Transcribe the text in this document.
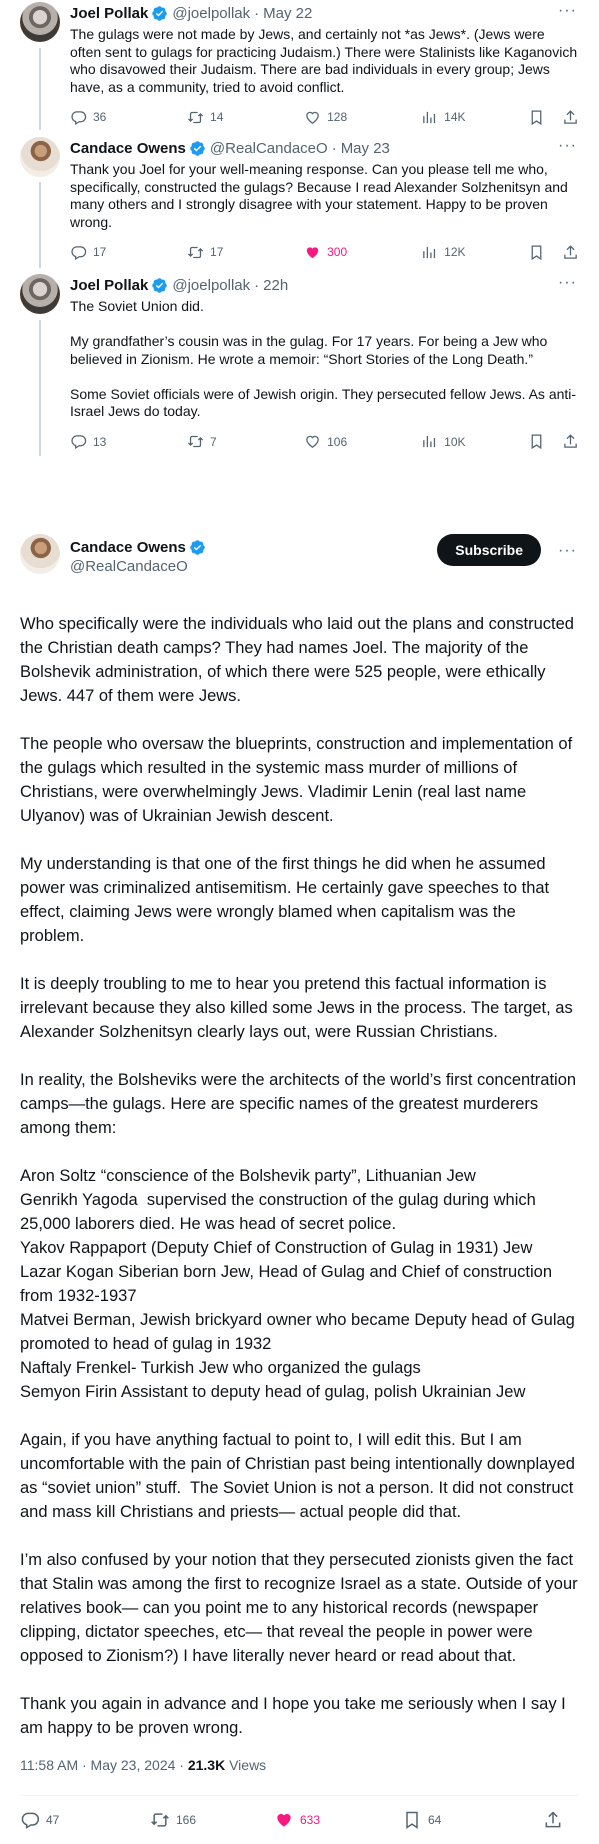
Joel Pollak @joelpollak · May 22	···
The gulags were not made by Jews, and certainly not *as Jews*. (Jews were often sent to gulags for practicing Judaism.) There were Stalinists like Kaganovich who disavowed their Judaism. There are bad individuals in every group; Jews have, as a community, tried to avoid conflict.
36	14	128	14K
Candace Owens @RealCandaceO · May 23	···
Thank you Joel for your well-meaning response. Can you please tell me who, specifically, constructed the gulags? Because I read Alexander Solzhenitsyn and many others and I strongly disagree with your statement. Happy to be proven wrong.
17	17	300	12K
Joel Pollak @joelpollak · 22h	···
The Soviet Union did.

My grandfather’s cousin was in the gulag. For 17 years. For being a Jew who believed in Zionism. He wrote a memoir: “Short Stories of the Long Death.”

Some Soviet officials were of Jewish origin. They persecuted fellow Jews. As anti-Israel Jews do today.
13	7	106	10K
Candace Owens
@RealCandaceO
Subscribe	···
Who specifically were the individuals who laid out the plans and constructed the Christian death camps? They had names Joel. The majority of the Bolshevik administration, of which there were 525 people, were ethically Jews. 447 of them were Jews.
The people who oversaw the blueprints, construction and implementation of the gulags which resulted in the systemic mass murder of millions of Christians, were overwhelmingly Jews. Vladimir Lenin (real last name Ulyanov) was of Ukrainian Jewish descent.
My understanding is that one of the first things he did when he assumed power was criminalized antisemitism. He certainly gave speeches to that effect, claiming Jews were wrongly blamed when capitalism was the problem.
It is deeply troubling to me to hear you pretend this factual information is irrelevant because they also killed some Jews in the process. The target, as Alexander Solzhenitsyn clearly lays out, were Russian Christians.
In reality, the Bolsheviks were the architects of the world’s first concentration camps—the gulags. Here are specific names of the greatest murderers among them:
Aron Soltz “conscience of the Bolshevik party”, Lithuanian Jew
Genrikh Yagoda  supervised the construction of the gulag during which 25,000 laborers died. He was head of secret police.
Yakov Rappaport (Deputy Chief of Construction of Gulag in 1931) Jew
Lazar Kogan Siberian born Jew, Head of Gulag and Chief of construction from 1932-1937
Matvei Berman, Jewish brickyard owner who became Deputy head of Gulag promoted to head of gulag in 1932
Naftaly Frenkel- Turkish Jew who organized the gulags
Semyon Firin Assistant to deputy head of gulag, polish Ukrainian Jew
Again, if you have anything factual to point to, I will edit this. But I am uncomfortable with the pain of Christian past being intentionally downplayed as “soviet union” stuff.  The Soviet Union is not a person. It did not construct and mass kill Christians and priests— actual people did that.
I’m also confused by your notion that they persecuted zionists given the fact that Stalin was among the first to recognize Israel as a state. Outside of your relatives book— can you point me to any historical records (newspaper clipping, dictator speeches, etc— that reveal the people in power were opposed to Zionism?) I have literally never heard or read about that.
Thank you again in advance and I hope you take me seriously when I say I am happy to be proven wrong.
11:58 AM · May 23, 2024 · 21.3K Views
47	166	633	64
